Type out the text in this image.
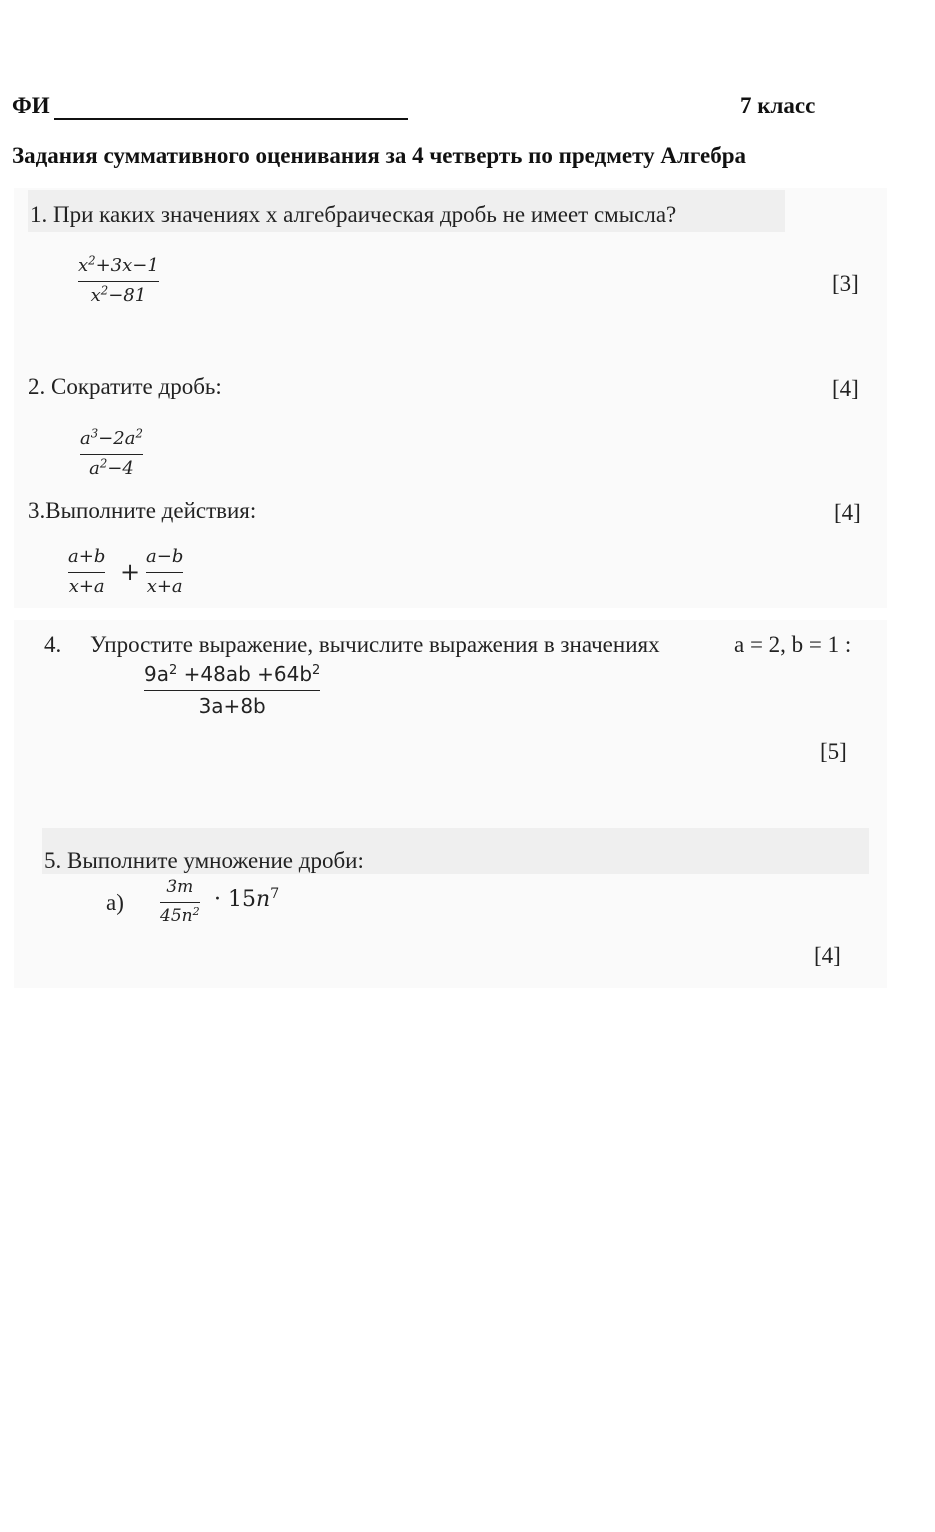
ФИ	7 класс
Задания суммативного оценивания за 4 четверть по предмету Алгебра
1. При каких значениях x алгебраическая дробь не имеет смысла?
$x^2+3x-1$
$x^2-81$	[3]
2. Сократите дробь:	[4]
$a^3-2a^2$
$a^2-4$
3.Выполните действия:	[4]
a+b
x+a
+
a−b
x+a
4. Упростите выражение, вычислите выражения в значениях	a = 2, b = 1 :
$9a^2 +48ab +64b^2$
3a+8b
[5]
5. Выполните умножение дроби:
а)
3m
$45n^2 \cdot 15n^7$
[4]
